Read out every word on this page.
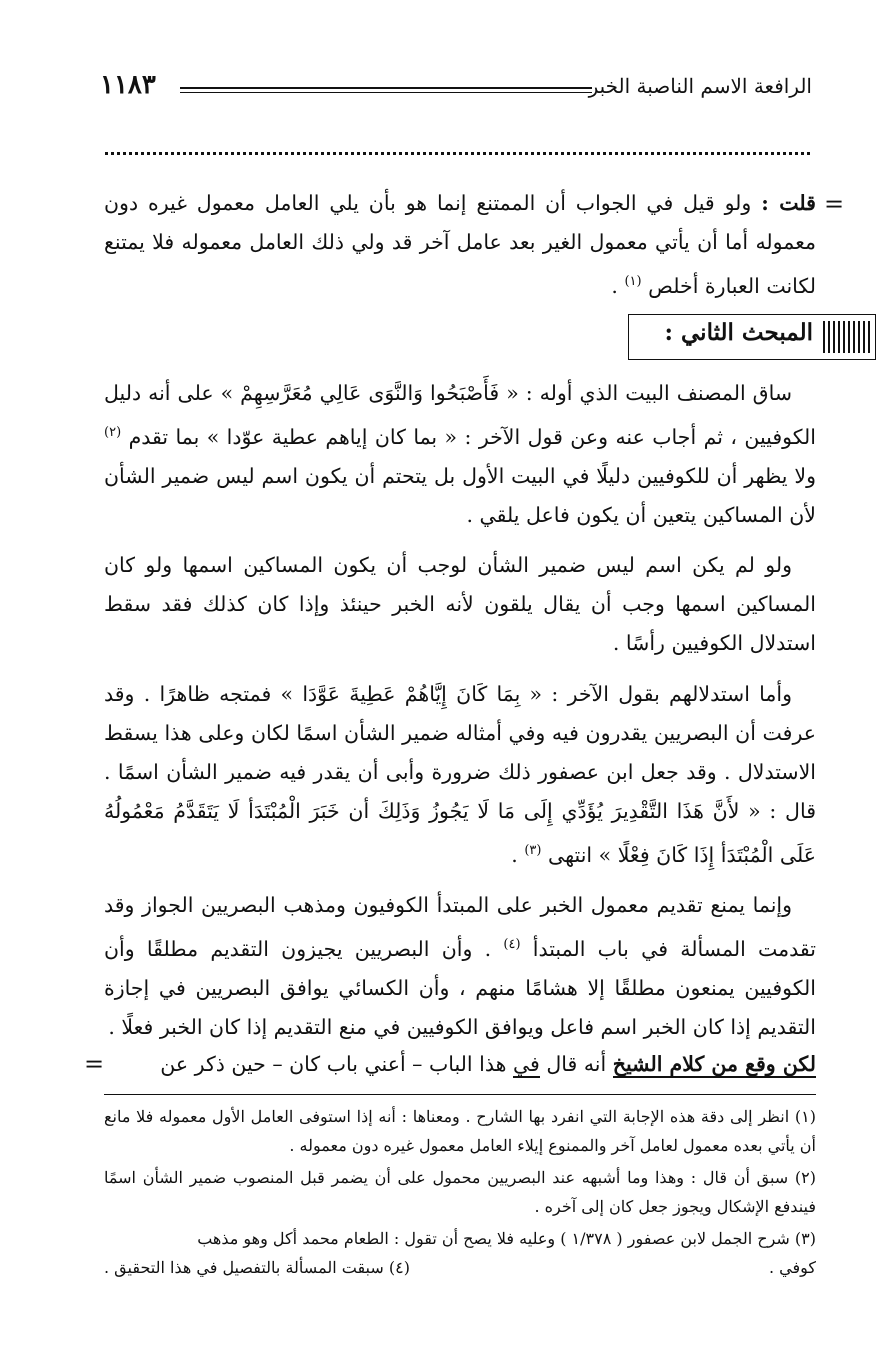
الرافعة الاسم الناصبة الخبر
١١٨٣
=

قلت : ولو قيل في الجواب أن الممتنع إنما هو بأن يلي العامل معمول غيره دون معموله أما أن يأتي معمول الغير بعد عامل آخر قد ولي ذلك العامل معموله فلا يمتنع لكانت العبارة أخلص $^{(١)}$ .

المبحث الثاني :

ساق المصنف البيت الذي أوله : « فَأَصْبَحُوا وَالنَّوَى عَالِي مُعَرَّسِهِمْ » على أنه دليل الكوفيين ، ثم أجاب عنه وعن قول الآخر : « بما كان إياهم عطية عوّدا » بما تقدم $^{(٢)}$ ولا يظهر أن للكوفيين دليلًا في البيت الأول بل يتحتم أن يكون اسم ليس ضمير الشأن لأن المساكين يتعين أن يكون فاعل يلقي .

ولو لم يكن اسم ليس ضمير الشأن لوجب أن يكون المساكين اسمها ولو كان المساكين اسمها وجب أن يقال يلقون لأنه الخبر حينئذ وإذا كان كذلك فقد سقط استدلال الكوفيين رأسًا .

وأما استدلالهم بقول الآخر : « بِمَا كَانَ إِيَّاهُمْ عَطِيةَ عَوَّدَا » فمتجه ظاهرًا . وقد عرفت أن البصريين يقدرون فيه وفي أمثاله ضمير الشأن اسمًا لكان وعلى هذا يسقط الاستدلال . وقد جعل ابن عصفور ذلك ضرورة وأبى أن يقدر فيه ضمير الشأن اسمًا . قال : « لأَنَّ هَذَا التَّقْدِيرَ يُؤَدِّي إِلَى مَا لَا يَجُوزُ وَذَلِكَ أن خَبَرَ الْمُبْتَدَأ لَا يَتَقَدَّمُ مَعْمُولُهُ عَلَى الْمُبْتَدَأ إِذَا كَانَ فِعْلًا » انتهى $^{(٣)}$ .

وإنما يمنع تقديم معمول الخبر على المبتدأ الكوفيون ومذهب البصريين الجواز وقد تقدمت المسألة في باب المبتدأ $^{(٤)}$ . وأن البصريين يجيزون التقديم مطلقًا وأن الكوفيين يمنعون مطلقًا إلا هشامًا منهم ، وأن الكسائي يوافق البصريين في إجازة التقديم إذا كان الخبر اسم فاعل ويوافق الكوفيين في منع التقديم إذا كان الخبر فعلًا .

لكن وقع من كلام الشيخ أنه قال في هذا الباب – أعني باب كان – حين ذكر عن
=

(١) انظر إلى دقة هذه الإجابة التي انفرد بها الشارح . ومعناها : أنه إذا استوفى العامل الأول معموله فلا مانع أن يأتي بعده معمول لعامل آخر والممنوع إيلاء العامل معمول غيره دون معموله .

(٢) سبق أن قال : وهذا وما أشبهه عند البصريين محمول على أن يضمر قبل المنصوب ضمير الشأن اسمًا فيندفع الإشكال ويجوز جعل كان إلى آخره .

(٣) شرح الجمل لابن عصفور ( ١/٣٧٨ ) وعليه فلا يصح أن تقول : الطعام محمد أكل وهو مذهب

كوفي .

(٤) سبقت المسألة بالتفصيل في هذا التحقيق .
